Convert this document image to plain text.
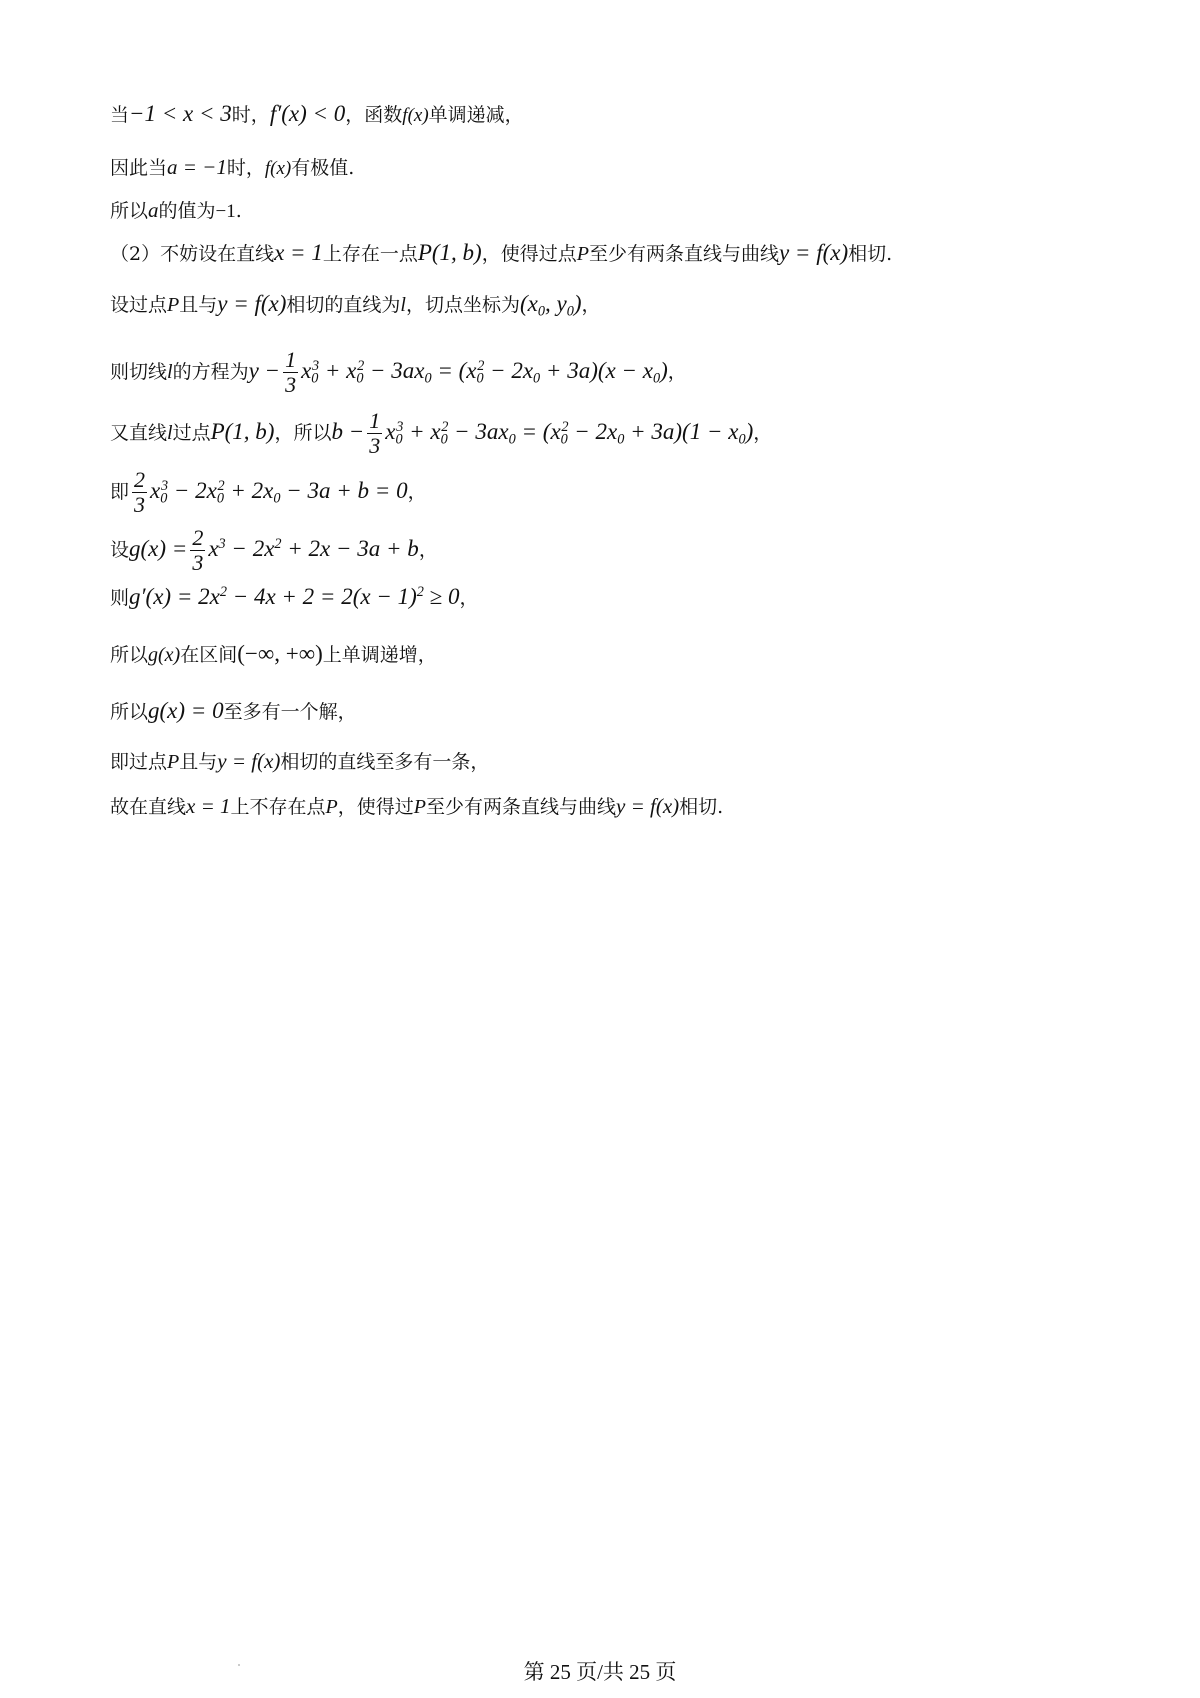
当−1 < x < 3时，f′(x) < 0，函数f(x)单调递减，
因此当a = −1时，f(x)有极值.
所以a的值为−1.
（2）不妨设在直线x = 1上存在一点P(1, b)，使得过点P至少有两条直线与曲线y = f(x)相切.
设过点P且与y = f(x)相切的直线为l，切点坐标为($x_0$, $y_0$)，
则切线l的方程为$y - \frac{1}{3} x_0^3 + x_0^2 - 3ax_0 = (x_0^2 - 2x_0 + 3a)(x - x_0)$，
又直线l过点P(1, b)，所以$b - \frac{1}{3} x_0^3 + x_0^2 - 3ax_0 = (x_0^2 - 2x_0 + 3a)(1 - x_0)$，
即 $\frac{2}{3} x_0^3 - 2x_0^2 + 2x_0 - 3a + b = 0$，
设$g(x) = \frac{2}{3} x^3 - 2x^2 + 2x - 3a + b$，
则$g'(x) = 2x^2 - 4x + 2 = 2(x - 1)^2 \ge 0$，
所以g(x)在区间(−∞, +∞)上单调递增，
所以g(x) = 0至多有一个解，
即过点P且与y = f(x)相切的直线至多有一条，
故在直线x = 1上不存在点P，使得过P至少有两条直线与曲线y = f(x)相切.
第 25 页/共 25 页
